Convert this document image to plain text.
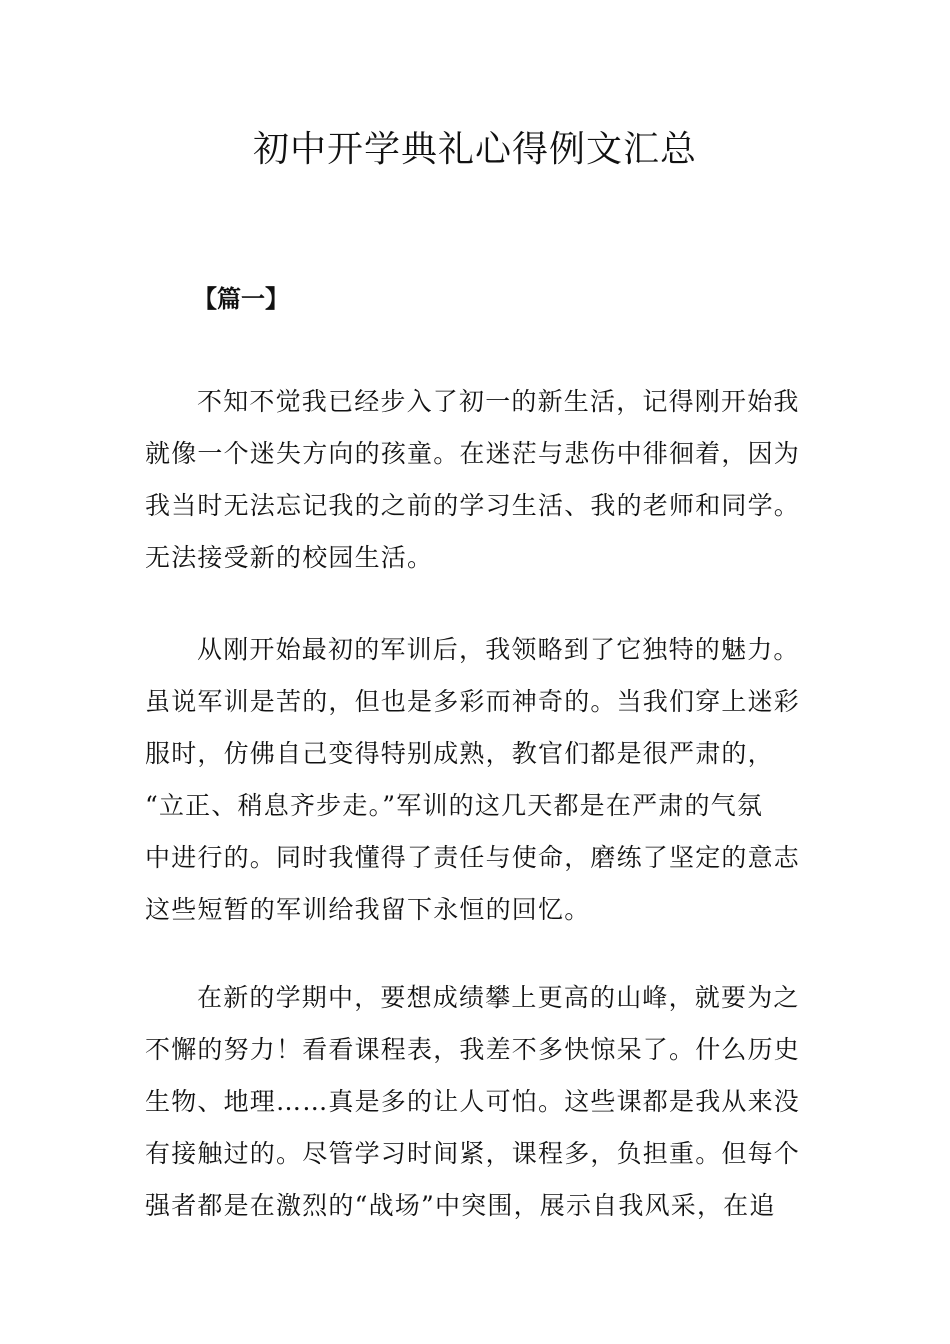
初中开学典礼心得例文汇总
【篇一】

不知不觉我已经步入了初一的新生活，记得刚开始我
就像一个迷失方向的孩童。在迷茫与悲伤中徘徊着，因为
我当时无法忘记我的之前的学习生活、我的老师和同学。
无法接受新的校园生活。

从刚开始最初的军训后，我领略到了它独特的魅力。
虽说军训是苦的，但也是多彩而神奇的。当我们穿上迷彩
服时，仿佛自己变得特别成熟，教官们都是很严肃的，
“立正、稍息齐步走。”军训的这几天都是在严肃的气氛
中进行的。同时我懂得了责任与使命，磨练了坚定的意志
这些短暂的军训给我留下永恒的回忆。

在新的学期中，要想成绩攀上更高的山峰，就要为之
不懈的努力！看看课程表，我差不多快惊呆了。什么历史
生物、地理……真是多的让人可怕。这些课都是我从来没
有接触过的。尽管学习时间紧，课程多，负担重。但每个
强者都是在激烈的“战场”中突围，展示自我风采，在追
